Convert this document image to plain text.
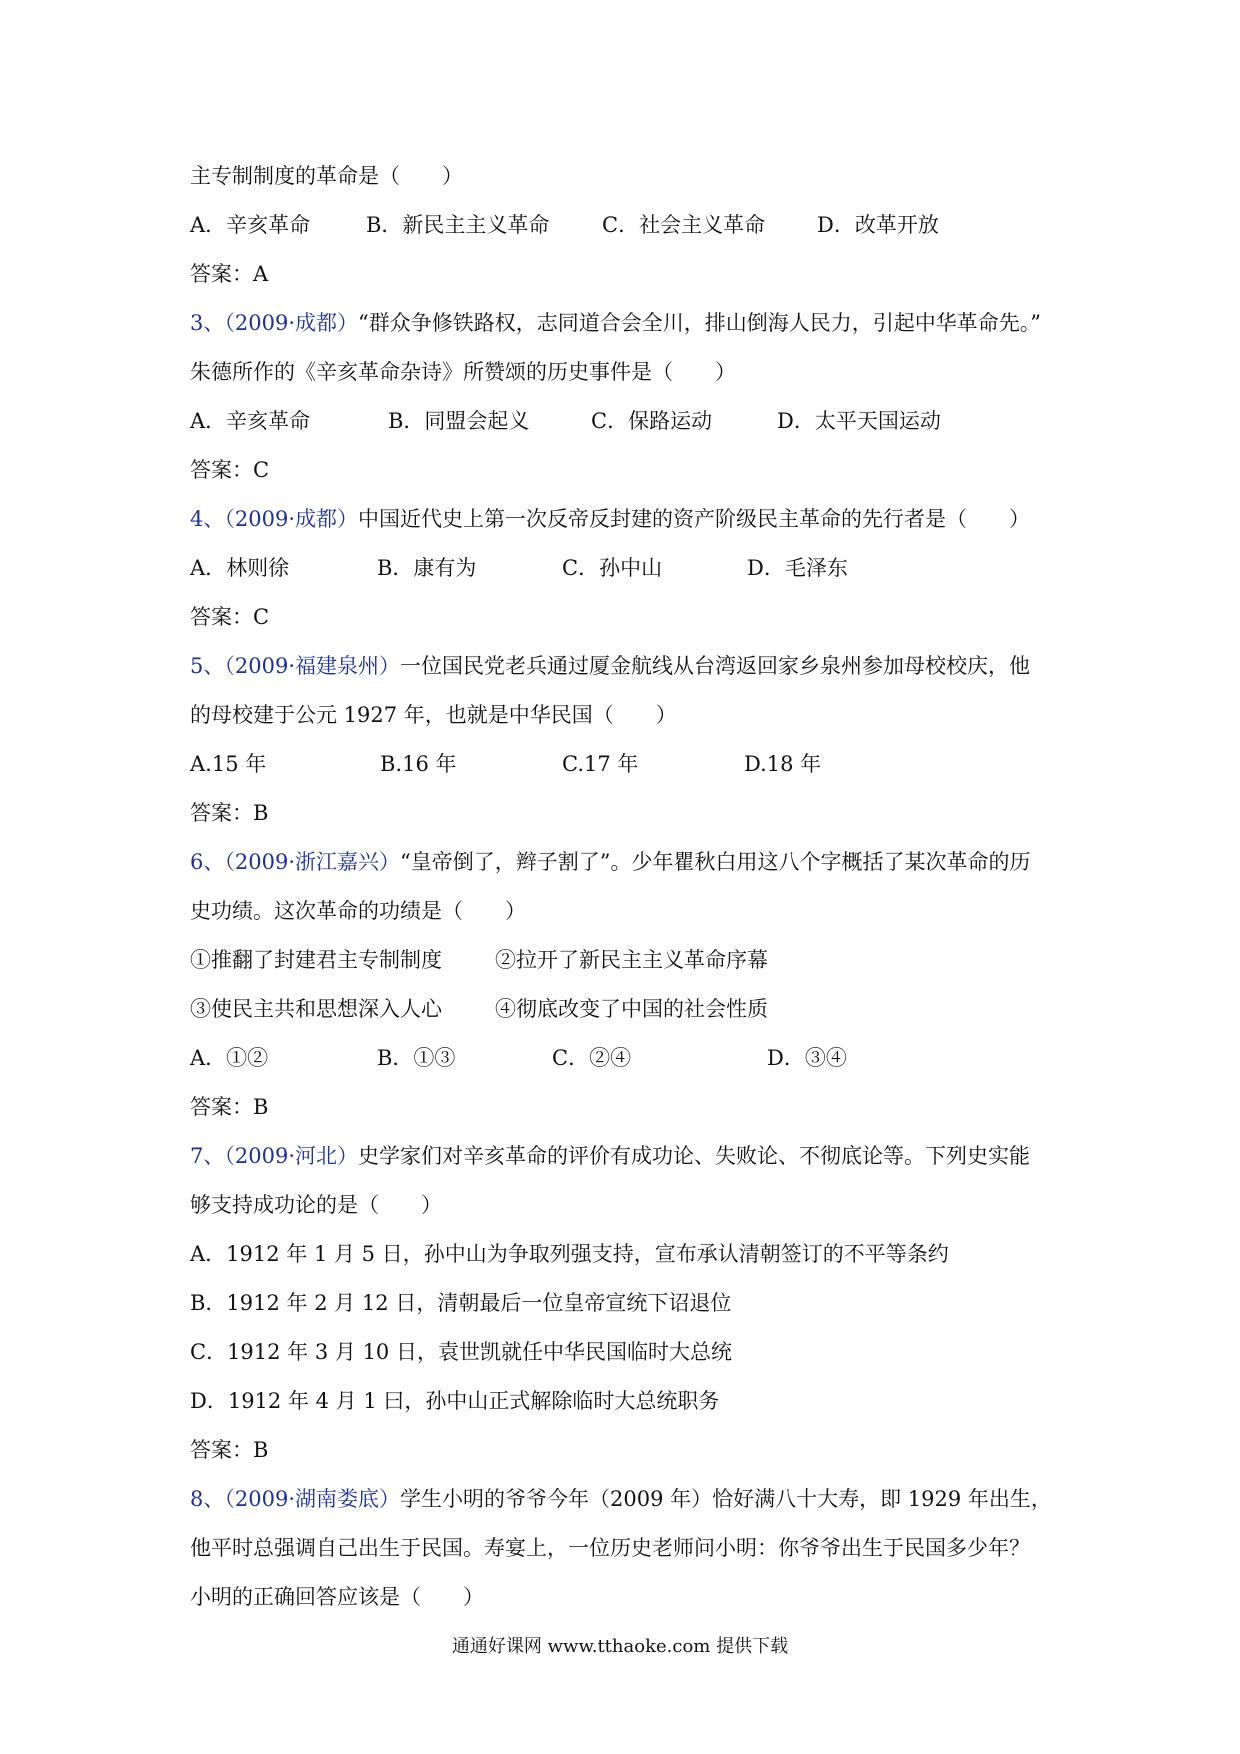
主专制制度的革命是（　　）
A．辛亥革命	B．新民主主义革命	C．社会主义革命 D．改革开放
答案：A
3、（2009·成都）“群众争修铁路权，志同道合会全川，排山倒海人民力，引起中华革命先。”
朱德所作的《辛亥革命杂诗》所赞颂的历史事件是（　　）
A．辛亥革命	B．同盟会起义	C．保路运动	D．太平天国运动
答案：C
4、（2009·成都）中国近代史上第一次反帝反封建的资产阶级民主革命的先行者是（　　）
A．林则徐	B．康有为	C．孙中山	D．毛泽东
答案：C
5、（2009·福建泉州）一位国民党老兵通过厦金航线从台湾返回家乡泉州参加母校校庆，他
的母校建于公元 1927 年，也就是中华民国（　　）
A.15 年	B.16 年	C.17 年	D.18 年
答案：B
6、（2009·浙江嘉兴）“皇帝倒了，辫子割了”。少年瞿秋白用这八个字概括了某次革命的历
史功绩。这次革命的功绩是（　　）
①推翻了封建君主专制制度	②拉开了新民主主义革命序幕
③使民主共和思想深入人心	④彻底改变了中国的社会性质
A．①②	B．①③	C．②④	D．③④
答案：B
7、（2009·河北）史学家们对辛亥革命的评价有成功论、失败论、不彻底论等。下列史实能
够支持成功论的是（　　）
A．1912 年 1 月 5 日，孙中山为争取列强支持，宣布承认清朝签订的不平等条约
B．1912 年 2 月 12 日，清朝最后一位皇帝宣统下诏退位
C．1912 年 3 月 10 日，袁世凯就任中华民国临时大总统
D．1912 年 4 月 1 曰，孙中山正式解除临时大总统职务
答案：B
8、（2009·湖南娄底）学生小明的爷爷今年（2009 年）恰好满八十大寿，即 1929 年出生，
他平时总强调自己出生于民国。寿宴上，一位历史老师问小明：你爷爷出生于民国多少年？
小明的正确回答应该是（　　）
通通好课网 www.tthaoke.com 提供下载
